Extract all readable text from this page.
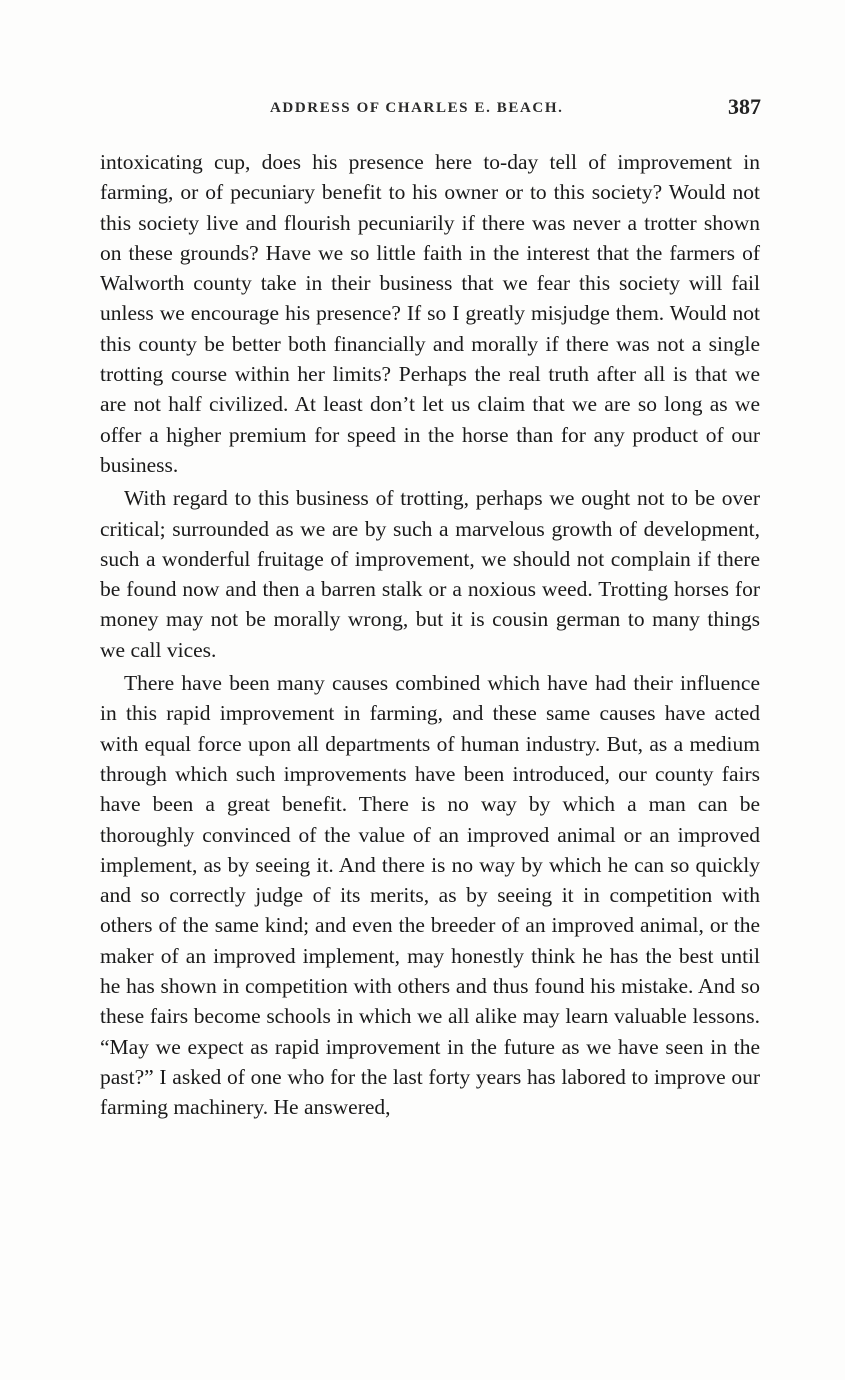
ADDRESS OF CHARLES E. BEACH.	387

intoxicating cup, does his presence here to-day tell of improvement in farming, or of pecuniary benefit to his owner or to this society? Would not this society live and flourish pecuniarily if there was never a trotter shown on these grounds? Have we so little faith in the interest that the farmers of Walworth county take in their business that we fear this society will fail unless we encourage his presence? If so I greatly misjudge them. Would not this county be better both financially and morally if there was not a single trotting course within her limits? Perhaps the real truth after all is that we are not half civilized. At least don’t let us claim that we are so long as we offer a higher premium for speed in the horse than for any product of our business.

With regard to this business of trotting, perhaps we ought not to be over critical; surrounded as we are by such a marvelous growth of development, such a wonderful fruitage of improvement, we should not complain if there be found now and then a barren stalk or a noxious weed. Trotting horses for money may not be morally wrong, but it is cousin german to many things we call vices.

There have been many causes combined which have had their influence in this rapid improvement in farming, and these same causes have acted with equal force upon all departments of human industry. But, as a medium through which such improvements have been introduced, our county fairs have been a great benefit. There is no way by which a man can be thoroughly convinced of the value of an improved animal or an improved implement, as by seeing it. And there is no way by which he can so quickly and so correctly judge of its merits, as by seeing it in competition with others of the same kind; and even the breeder of an improved animal, or the maker of an improved implement, may honestly think he has the best until he has shown in competition with others and thus found his mistake. And so these fairs become schools in which we all alike may learn valuable lessons. “May we expect as rapid improvement in the future as we have seen in the past?” I asked of one who for the last forty years has labored to improve our farming machinery. He answered,
